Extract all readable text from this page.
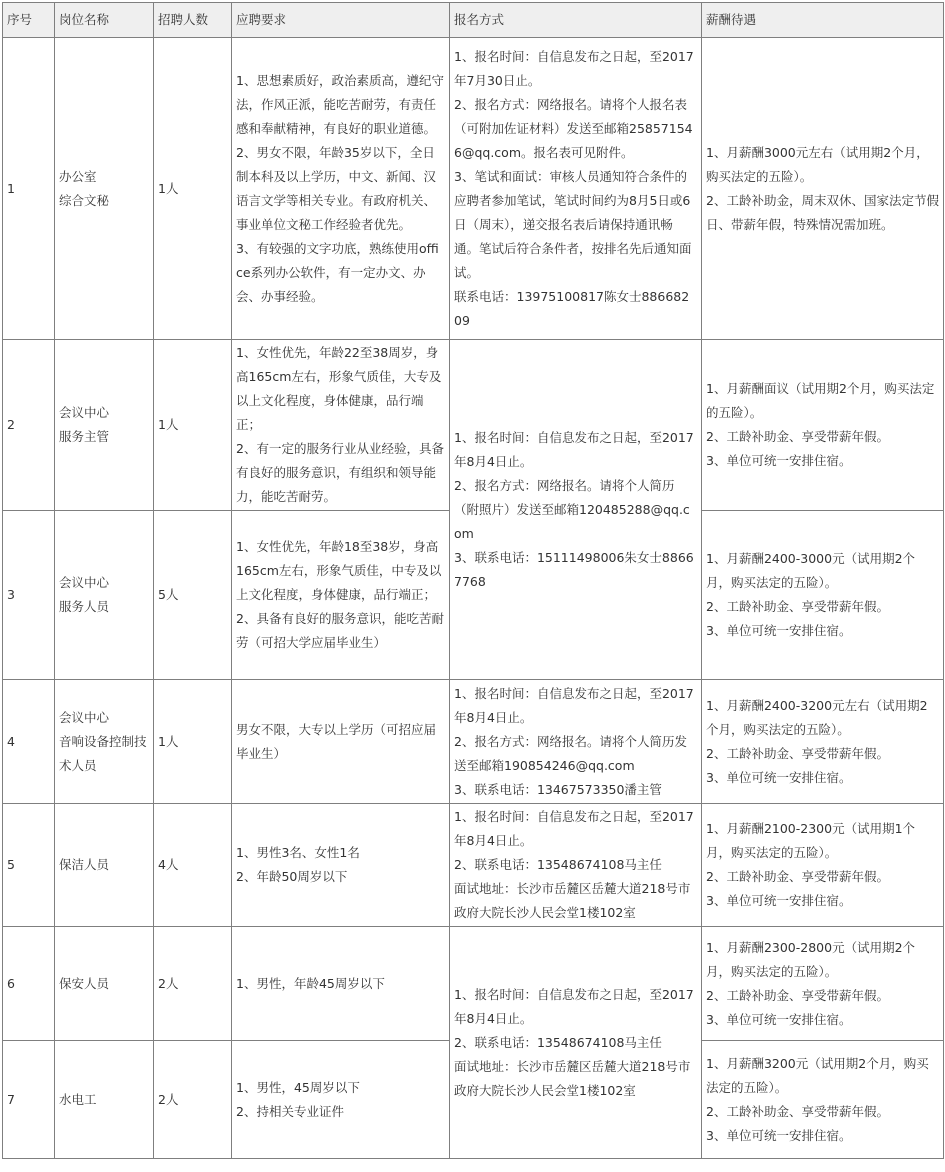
序号	岗位名称	招聘人数	应聘要求	报名方式	薪酬待遇
1	办公室
综合文秘	1人	1、思想素质好，政治素质高，遵纪守法，作风正派，能吃苦耐劳，有责任感和奉献精神，有良好的职业道德。
2、男女不限，年龄35岁以下，全日制本科及以上学历，中文、新闻、汉语言文学等相关专业。有政府机关、事业单位文秘工作经验者优先。
3、有较强的文字功底，熟练使用office系列办公软件，有一定办文、办会、办事经验。	1、报名时间：自信息发布之日起，至2017年7月30日止。
2、报名方式：网络报名。请将个人报名表（可附加佐证材料）发送至邮箱258571546@qq.com。报名表可见附件。
3、笔试和面试：审核人员通知符合条件的应聘者参加笔试，笔试时间约为8月5日或6日（周末），递交报名表后请保持通讯畅通。笔试后符合条件者，按排名先后通知面试。
联系电话：13975100817陈女士88668209	1、月薪酬3000元左右（试用期2个月，购买法定的五险）。
2、工龄补助金，周末双休、国家法定节假日、带薪年假，特殊情况需加班。

2	会议中心
服务主管	1人	1、女性优先，年龄22至38周岁，身高165cm左右，形象气质佳，大专及以上文化程度，身体健康，品行端正；
2、有一定的服务行业从业经验，具备有良好的服务意识，有组织和领导能力，能吃苦耐劳。	1、报名时间：自信息发布之日起，至2017年8月4日止。
2、报名方式：网络报名。请将个人简历（附照片）发送至邮箱120485288@qq.com
3、联系电话：15111498006朱女士88667768	1、月薪酬面议（试用期2个月，购买法定的五险）。
2、工龄补助金、享受带薪年假。
3、单位可统一安排住宿。

3	会议中心
服务人员	5人	1、女性优先，年龄18至38岁，身高165cm左右，形象气质佳，中专及以上文化程度，身体健康，品行端正；
2、具备有良好的服务意识，能吃苦耐劳（可招大学应届毕业生）		1、月薪酬2400-3000元（试用期2个月，购买法定的五险）。
2、工龄补助金、享受带薪年假。
3、单位可统一安排住宿。

4	会议中心
音响设备控制技术人员	1人	男女不限，大专以上学历（可招应届毕业生）	1、报名时间：自信息发布之日起，至2017年8月4日止。
2、报名方式：网络报名。请将个人简历发送至邮箱190854246@qq.com
3、联系电话：13467573350潘主管	1、月薪酬2400-3200元左右（试用期2个月，购买法定的五险）。
2、工龄补助金、享受带薪年假。
3、单位可统一安排住宿。

5	保洁人员	4人	1、男性3名、女性1名
2、年龄50周岁以下	1、报名时间：自信息发布之日起，至2017年8月4日止。
2、联系电话：13548674108马主任
面试地址：长沙市岳麓区岳麓大道218号市政府大院长沙人民会堂1楼102室	1、月薪酬2100-2300元（试用期1个月，购买法定的五险）。
2、工龄补助金、享受带薪年假。
3、单位可统一安排住宿。

6	保安人员	2人	1、男性，年龄45周岁以下	1、报名时间：自信息发布之日起，至2017年8月4日止。
2、联系电话：13548674108马主任
面试地址：长沙市岳麓区岳麓大道218号市政府大院长沙人民会堂1楼102室	1、月薪酬2300-2800元（试用期2个月，购买法定的五险）。
2、工龄补助金、享受带薪年假。
3、单位可统一安排住宿。

7	水电工	2人	1、男性，45周岁以下
2、持相关专业证件		1、月薪酬3200元（试用期2个月，购买法定的五险）。
2、工龄补助金、享受带薪年假。
3、单位可统一安排住宿。
